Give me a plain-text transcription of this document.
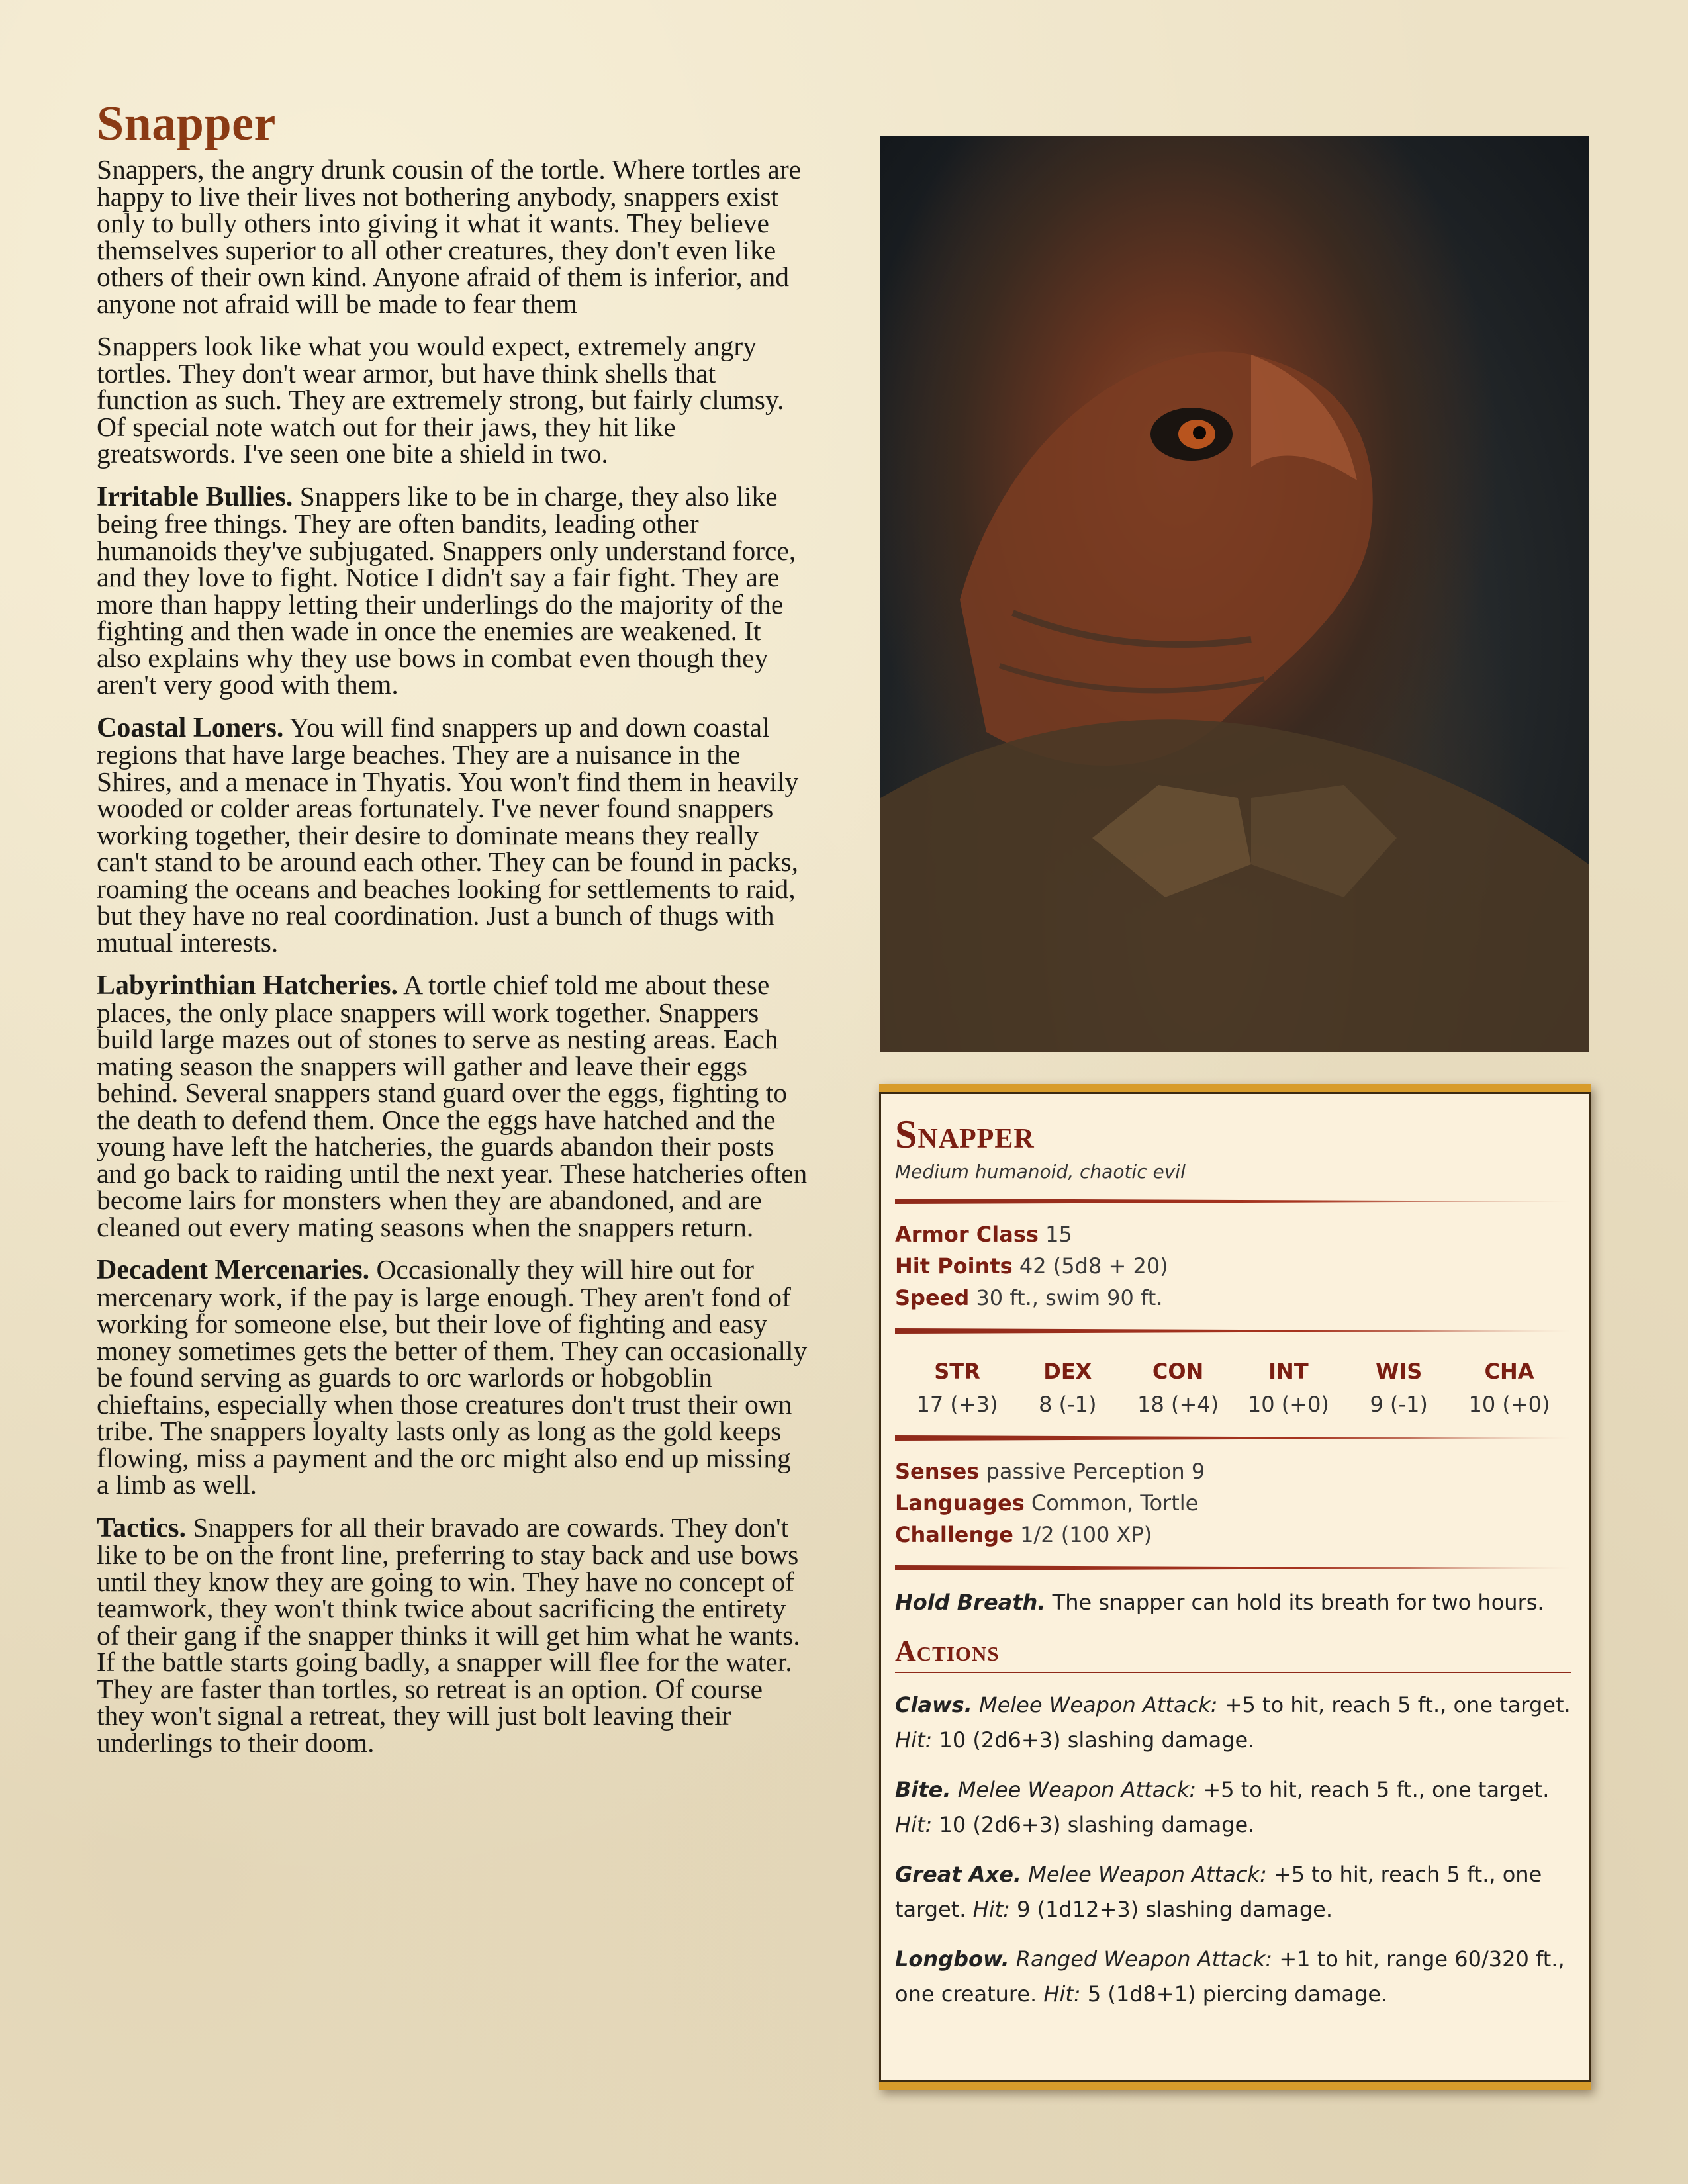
Snapper

Snappers, the angry drunk cousin of the tortle. Where tortles are happy to live their lives not bothering anybody, snappers exist only to bully others into giving it what it wants. They believe themselves superior to all other creatures, they don't even like others of their own kind. Anyone afraid of them is inferior, and anyone not afraid will be made to fear them

Snappers look like what you would expect, extremely angry tortles. They don't wear armor, but have think shells that function as such. They are extremely strong, but fairly clumsy. Of special note watch out for their jaws, they hit like greatswords. I've seen one bite a shield in two.

Irritable Bullies. Snappers like to be in charge, they also like being free things. They are often bandits, leading other humanoids they've subjugated. Snappers only understand force, and they love to fight. Notice I didn't say a fair fight. They are more than happy letting their underlings do the majority of the fighting and then wade in once the enemies are weakened. It also explains why they use bows in combat even though they aren't very good with them.

Coastal Loners. You will find snappers up and down coastal regions that have large beaches. They are a nuisance in the Shires, and a menace in Thyatis. You won't find them in heavily wooded or colder areas fortunately. I've never found snappers working together, their desire to dominate means they really can't stand to be around each other. They can be found in packs, roaming the oceans and beaches looking for settlements to raid, but they have no real coordination. Just a bunch of thugs with mutual interests.

Labyrinthian Hatcheries. A tortle chief told me about these places, the only place snappers will work together. Snappers build large mazes out of stones to serve as nesting areas. Each mating season the snappers will gather and leave their eggs behind. Several snappers stand guard over the eggs, fighting to the death to defend them. Once the eggs have hatched and the young have left the hatcheries, the guards abandon their posts and go back to raiding until the next year. These hatcheries often become lairs for monsters when they are abandoned, and are cleaned out every mating seasons when the snappers return.

Decadent Mercenaries. Occasionally they will hire out for mercenary work, if the pay is large enough. They aren't fond of working for someone else, but their love of fighting and easy money sometimes gets the better of them. They can occasionally be found serving as guards to orc warlords or hobgoblin chieftains, especially when those creatures don't trust their own tribe. The snappers loyalty lasts only as long as the gold keeps flowing, miss a payment and the orc might also end up missing a limb as well.

Tactics. Snappers for all their bravado are cowards. They don't like to be on the front line, preferring to stay back and use bows until they know they are going to win. They have no concept of teamwork, they won't think twice about sacrificing the entirety of their gang if the snapper thinks it will get him what he wants. If the battle starts going badly, a snapper will flee for the water. They are faster than tortles, so retreat is an option. Of course they won't signal a retreat, they will just bolt leaving their underlings to their doom.

Snapper
Medium humanoid, chaotic evil
Armor Class 15
Hit Points 42 (5d8 + 20)
Speed 30 ft., swim 90 ft.
STR
17 (+3)
DEX
8 (-1)
CON
18 (+4)
INT
10 (+0)
WIS
9 (-1)
CHA
10 (+0)
Senses passive Perception 9
Languages Common, Tortle
Challenge 1/2 (100 XP)
Hold Breath. The snapper can hold its breath for two hours.
Actions
Claws. Melee Weapon Attack: +5 to hit, reach 5 ft., one target. Hit: 10 (2d6+3) slashing damage.
Bite. Melee Weapon Attack: +5 to hit, reach 5 ft., one target. Hit: 10 (2d6+3) slashing damage.
Great Axe. Melee Weapon Attack: +5 to hit, reach 5 ft., one target. Hit: 9 (1d12+3) slashing damage.
Longbow. Ranged Weapon Attack: +1 to hit, range 60/320 ft., one creature. Hit: 5 (1d8+1) piercing damage.
